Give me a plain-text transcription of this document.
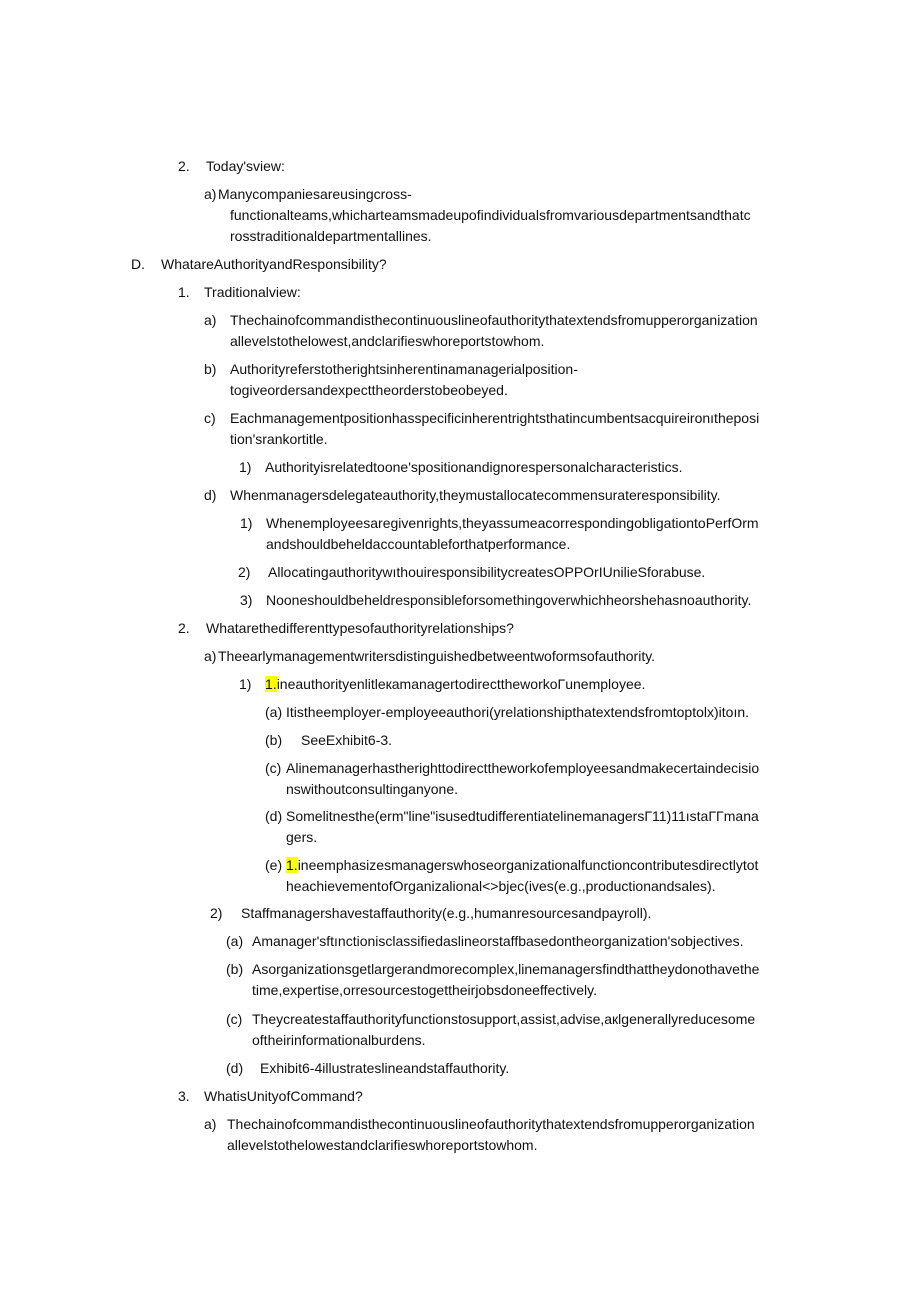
2. Today'sview:
a) Manycompaniesareusingcross-
functionalteams,whicharteamsmadeupofindividualsfromvariousdepartmentsandthatc
rosstraditionaldepartmentallines.
D. WhatareAuthorityandResponsibility?
1. Traditionalview:
a) Thechainofcommandisthecontinuouslineofauthoritythatextendsfromupperorganization
allevelstothelowest,andclarifieswhoreportstowhom.
b) Authorityreferstotherightsinherentinamanagerialposition-
togiveordersandexpecttheorderstobeobeyed.
c) Eachmanagementpositionhasspecificinherentrightsthatincumbentsacquireironıtheposi
tion'srankortitle.
1) Authorityisrelatedtoone'spositionandignorespersonalcharacteristics.
d) Whenmanagersdelegateauthority,theymustallocatecommensurateresponsibility.
1) Whenemployeesaregivenrights,theyassumeacorrespondingobligationtoPerfOrm
andshouldbeheldaccountableforthatperformance.
2) AllocatingauthoritywıthouiresponsibilitycreatesOPPOrIUnilieSforabuse.
3) Nooneshouldbeheldresponsibleforsomethingoverwhichheorshehasnoauthority.
2. Whatarethedifferenttypesofauthorityrelationships?
a) Theearlymanagementwritersdistinguishedbetweentwoformsofauthority.
1) 1.ineauthorityenlitleкamanagertodirecttheworkoΓunemployee.
(a) Itistheemployer-employeeauthori(yrelationshipthatextendsfromtoptolx)itoın.
(b) SeeExhibit6-3.
(c) Alinemanagerhastherighttodirecttheworkofemployeesandmakecertaindecisio
nswithoutconsultinganyone.
(d) Somelitnesthe(erm"line"isusedtudifferentiatelinemanagersΓ11)11ıstaΓΓmana
gers.
(e) 1.ineemphasizesmanagerswhoseorganizationalfunctioncontributesdirectlytot
heachievementofOrganizalional<>bjec(ives(e.g.,productionandsales).
2) Staffmanagershavestaffauthority(e.g.,humanresourcesandpayroll).
(a) Amanager'sftınctionisclassifiedaslineorstaffbasedontheorganization'sobjectives.
(b) Asorganizationsgetlargerandmorecomplex,linemanagersfindthattheydonothavethe
time,expertise,orresourcestogettheirjobsdoneeffectively.
(c) Theycreatestaffauthorityfunctionstosupport,assist,advise,aкlgenerallyreducesome
oftheirinformationalburdens.
(d) Exhibit6-4illustrateslineandstaffauthority.
3. WhatisUnityofCommand?
a) Thechainofcommandisthecontinuouslineofauthoritythatextendsfromupperorganization
allevelstothelowestandclarifieswhoreportstowhom.
